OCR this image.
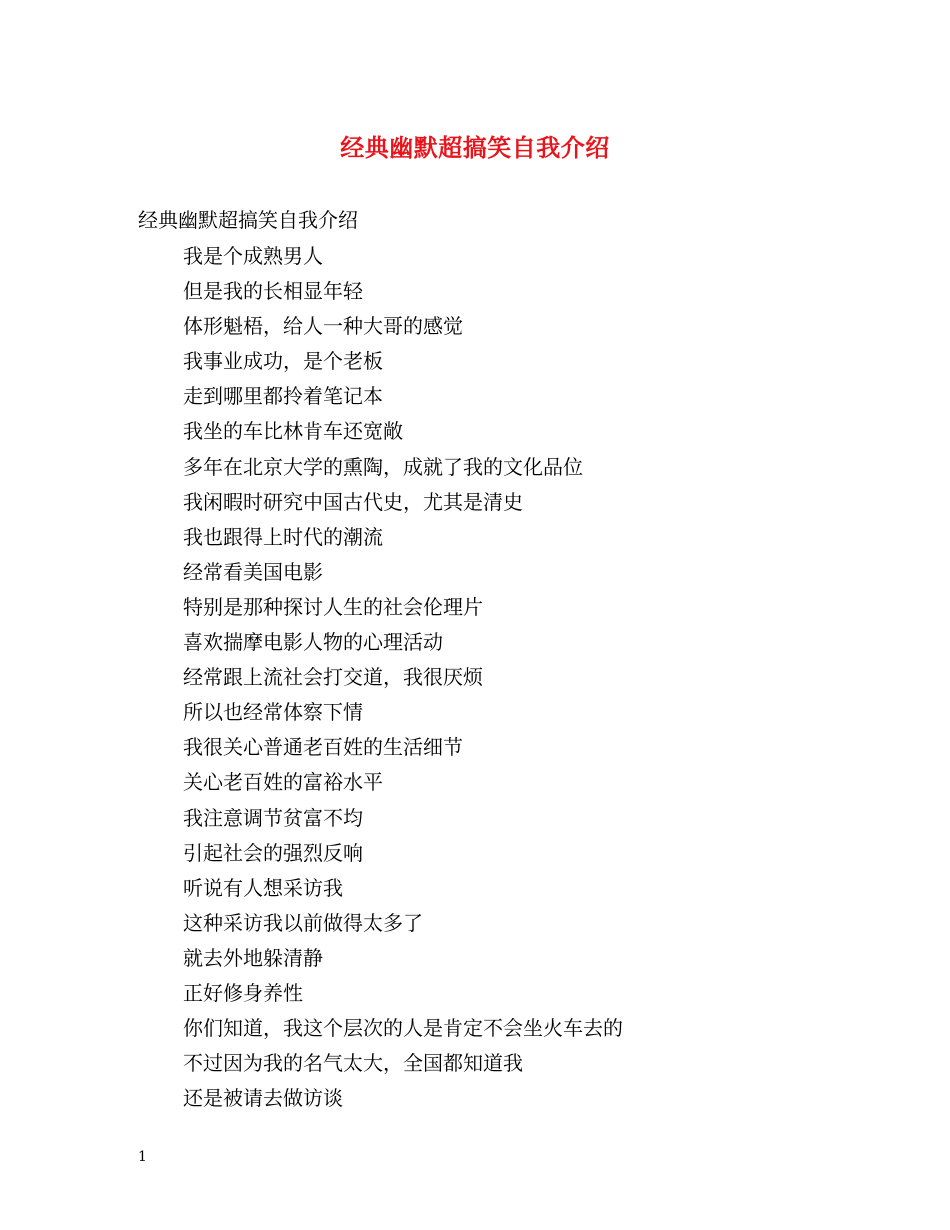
经典幽默超搞笑自我介绍
经典幽默超搞笑自我介绍
我是个成熟男人
但是我的长相显年轻
体形魁梧，给人一种大哥的感觉
我事业成功，是个老板
走到哪里都拎着笔记本
我坐的车比林肯车还宽敞
多年在北京大学的熏陶，成就了我的文化品位
我闲暇时研究中国古代史，尤其是清史
我也跟得上时代的潮流
经常看美国电影
特别是那种探讨人生的社会伦理片
喜欢揣摩电影人物的心理活动
经常跟上流社会打交道，我很厌烦
所以也经常体察下情
我很关心普通老百姓的生活细节
关心老百姓的富裕水平
我注意调节贫富不均
引起社会的强烈反响
听说有人想采访我
这种采访我以前做得太多了
就去外地躲清静
正好修身养性
你们知道，我这个层次的人是肯定不会坐火车去的
不过因为我的名气太大，全国都知道我
还是被请去做访谈
1
